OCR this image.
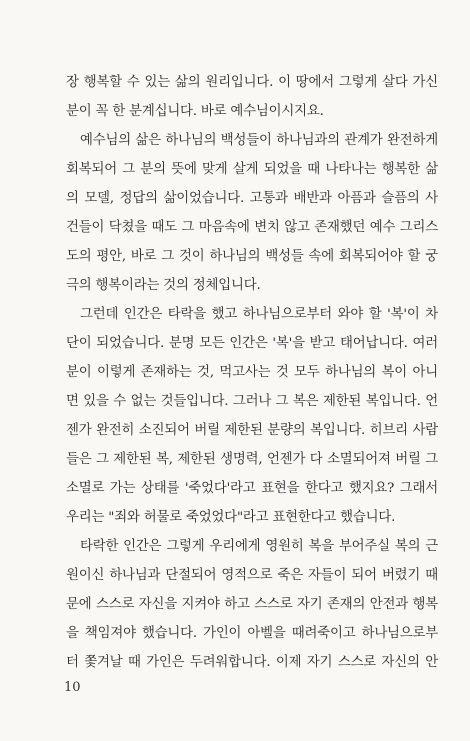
장 행복할 수 있는 삶의 원리입니다. 이 땅에서 그렇게 살다 가신
분이 꼭 한 분계십니다. 바로 예수님이시지요.
예수님의 삶은 하나님의 백성들이 하나님과의 관계가 완전하게
회복되어 그 분의 뜻에 맞게 살게 되었을 때 나타나는 행복한 삶
의 모델, 정답의 삶이었습니다. 고통과 배반과 아픔과 슬픔의 사
건들이 닥쳤을 때도 그 마음속에 변치 않고 존재했던 예수 그리스
도의 평안, 바로 그 것이 하나님의 백성들 속에 회복되어야 할 궁
극의 행복이라는 것의 정체입니다.
그런데 인간은 타락을 했고 하나님으로부터 와야 할 '복'이 차
단이 되었습니다. 분명 모든 인간은 '복'을 받고 태어납니다. 여러
분이 이렇게 존재하는 것, 먹고사는 것 모두 하나님의 복이 아니
면 있을 수 없는 것들입니다. 그러나 그 복은 제한된 복입니다. 언
젠가 완전히 소진되어 버릴 제한된 분량의 복입니다. 히브리 사람
들은 그 제한된 복, 제한된 생명력, 언젠가 다 소멸되어져 버릴 그
소멸로 가는 상태를 '죽었다'라고 표현을 한다고 했지요? 그래서
우리는 "죄와 허물로 죽었었다"라고 표현한다고 했습니다.
타락한 인간은 그렇게 우리에게 영원히 복을 부어주실 복의 근
원이신 하나님과 단절되어 영적으로 죽은 자들이 되어 버렸기 때
문에 스스로 자신을 지켜야 하고 스스로 자기 존재의 안전과 행복
을 책임져야 했습니다. 가인이 아벨을 때려죽이고 하나님으로부
터 쫓겨날 때 가인은 두려워합니다. 이제 자기 스스로 자신의 안
10
